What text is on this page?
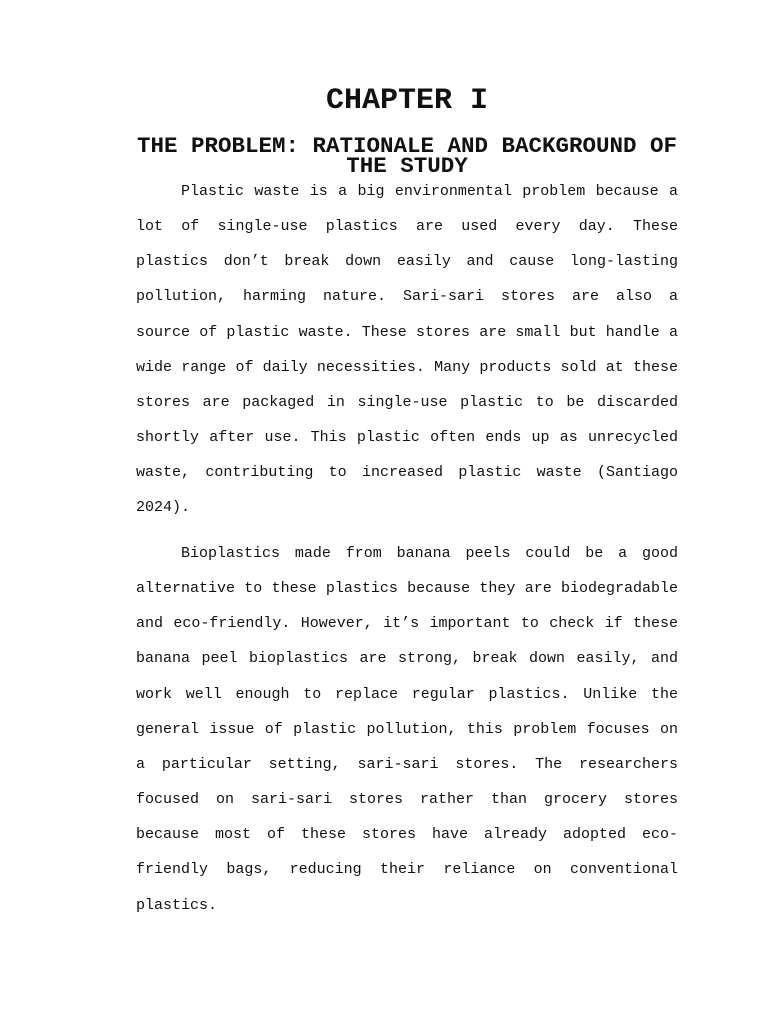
CHAPTER I
THE PROBLEM: RATIONALE AND BACKGROUND OF THE STUDY

Plastic waste is a big environmental problem because a lot of single-use plastics are used every day. These plastics don’t break down easily and cause long-lasting pollution, harming nature. Sari-sari stores are also a source of plastic waste. These stores are small but handle a wide range of daily necessities. Many products sold at these stores are packaged in single-use plastic to be discarded shortly after use. This plastic often ends up as unrecycled waste, contributing to increased plastic waste (Santiago 2024).

Bioplastics made from banana peels could be a good alternative to these plastics because they are biodegradable and eco-friendly. However, it’s important to check if these banana peel bioplastics are strong, break down easily, and work well enough to replace regular plastics. Unlike the general issue of plastic pollution, this problem focuses on a particular setting, sari-sari stores. The researchers focused on sari-sari stores rather than grocery stores because most of these stores have already adopted eco-friendly bags, reducing their reliance on conventional plastics.
